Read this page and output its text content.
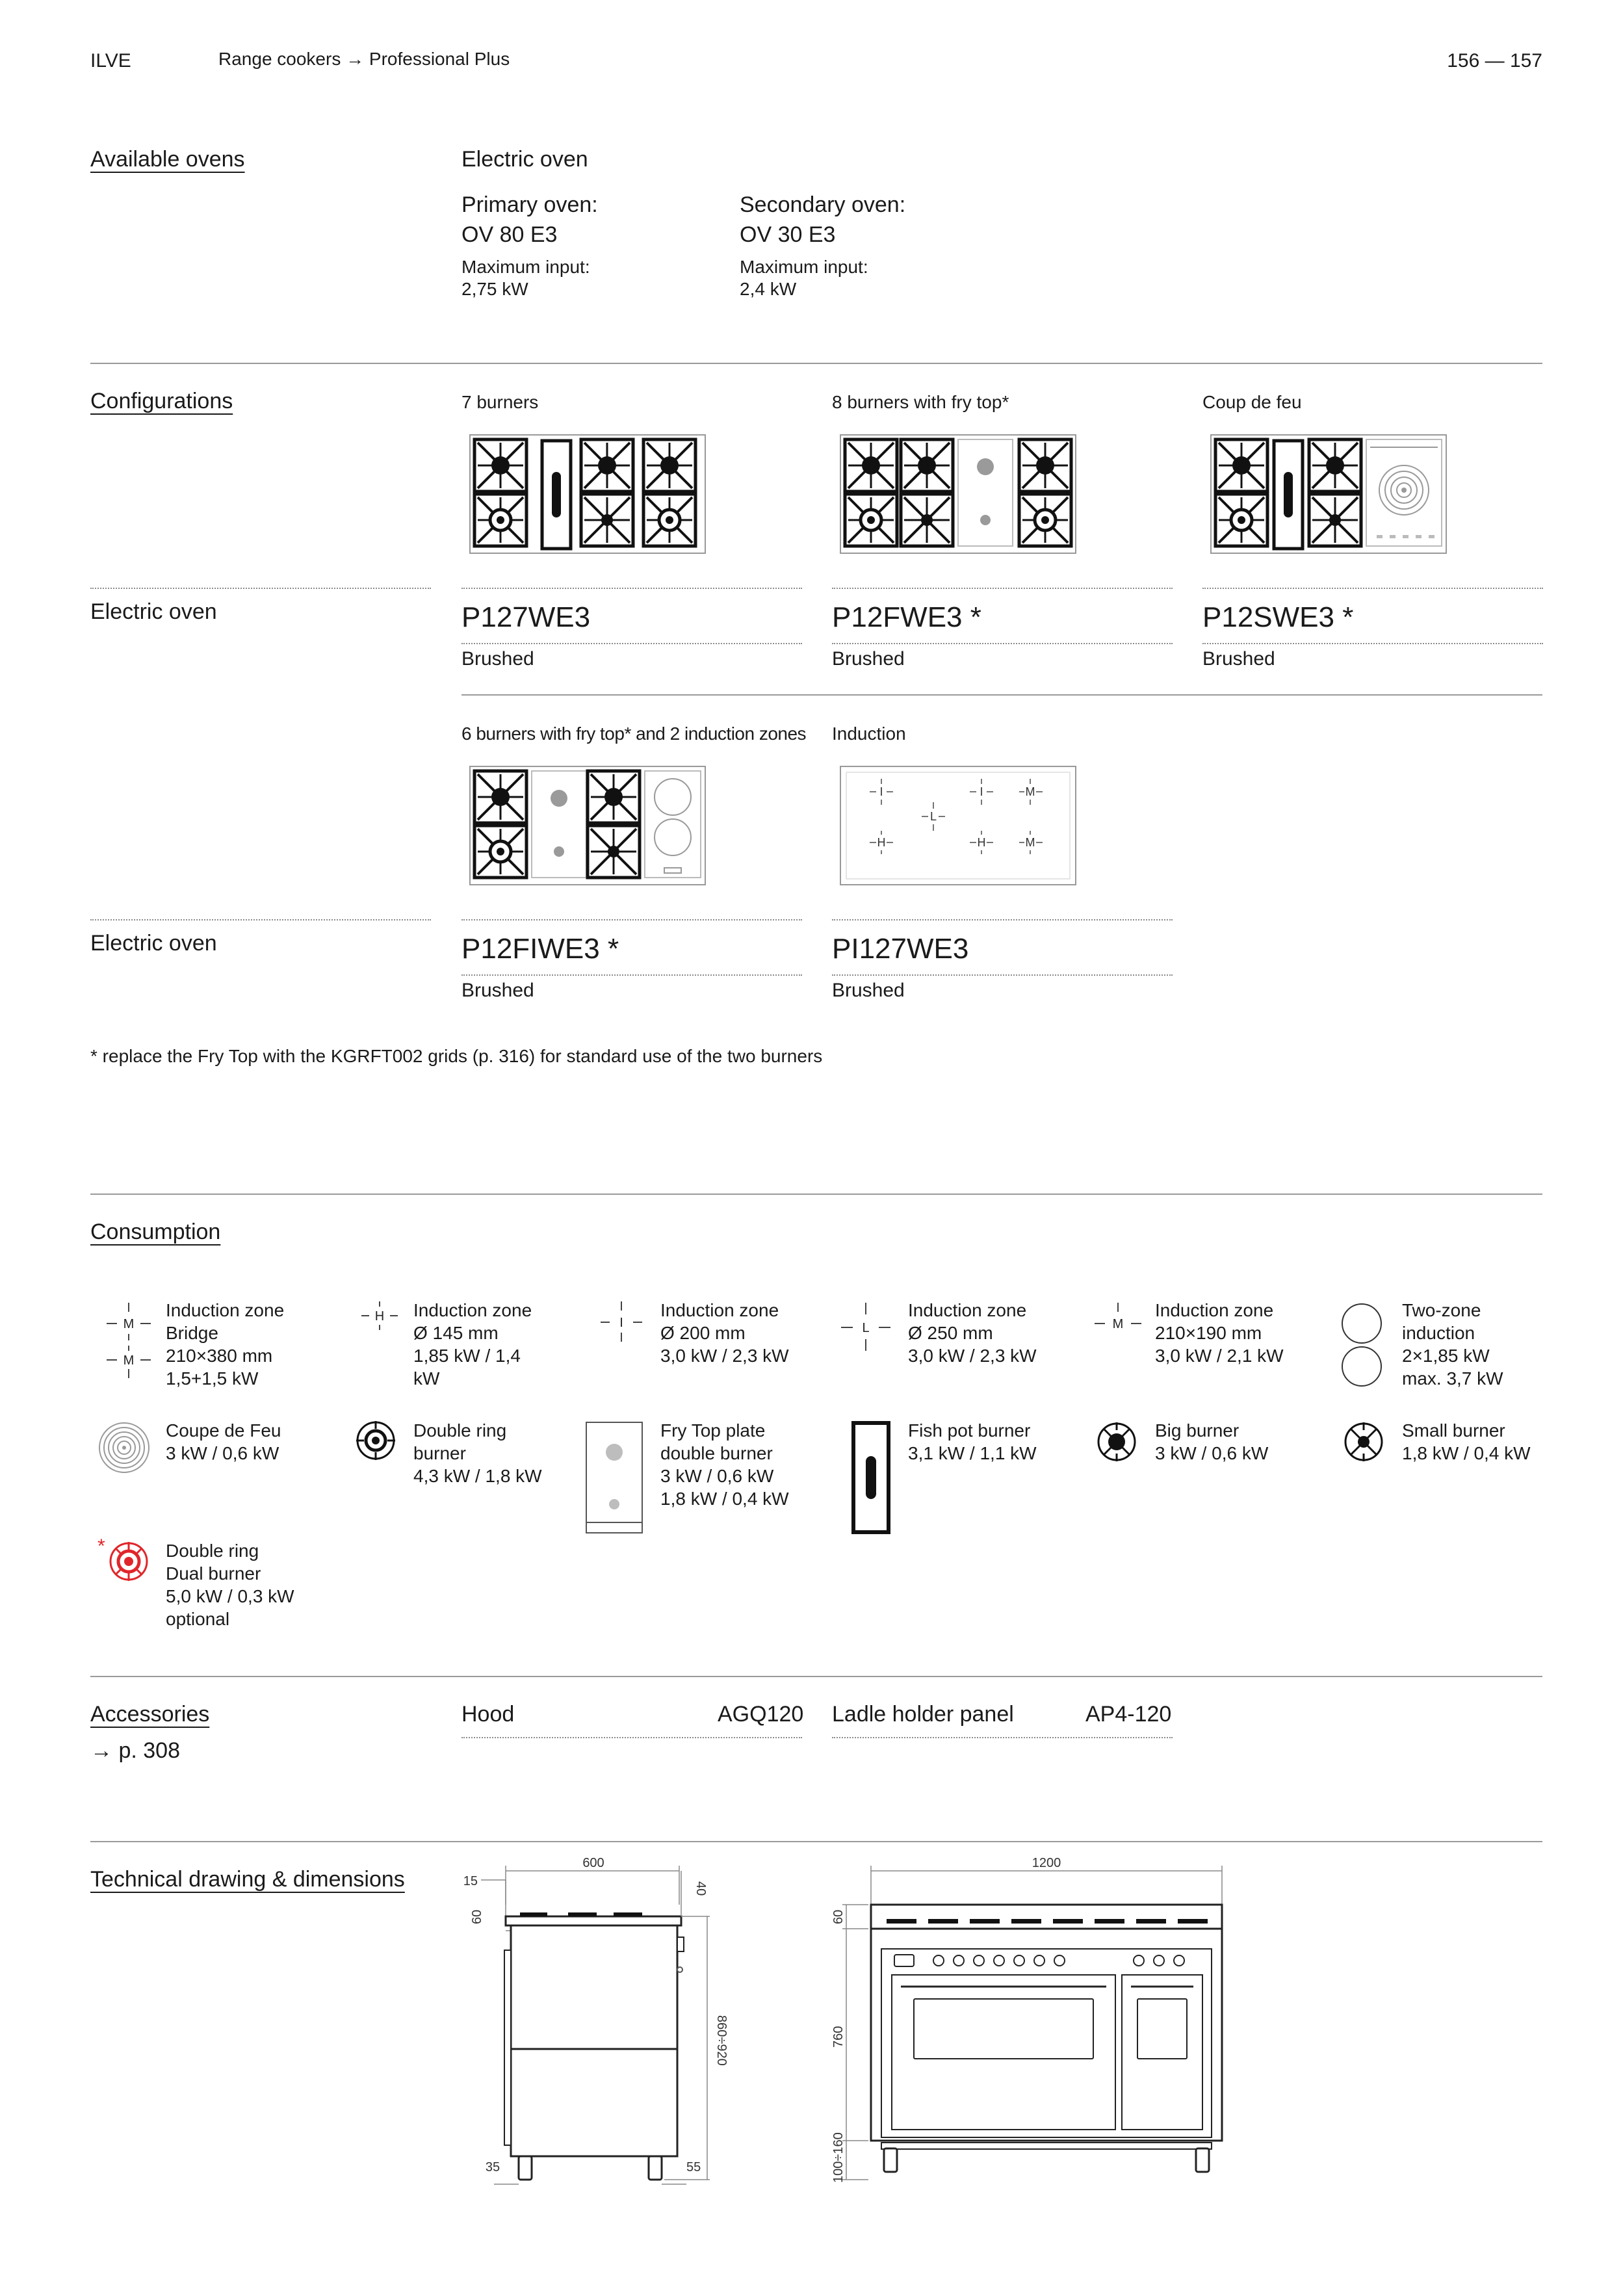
ILVE	Range cookers → Professional Plus	156 — 157
Available ovens	Electric oven
Primary oven:
OV 80 E3
Maximum input:
2,75 kW
Secondary oven:
OV 30 E3
Maximum input:
2,4 kW
Configurations	7 burners
Electric oven	P127WE3
Brushed
8 burners with fry top*
P12FWE3 *
Brushed
Coup de feu
P12SWE3 *
Brushed
6 burners with fry top* and 2 induction zones
Electric oven	P12FIWE3 *
Brushed
Induction
I
L
H
I
H
M
M
PI127WE3
Brushed
* replace the Fry Top with the KGRFT002 grids (p. 316) for standard use of the two burners
Consumption
M
M
Induction zone
Bridge
210×380 mm
1,5+1,5 kW
H Induction zone
Ø 145 mm
1,85 kW / 1,4
kW
I
Induction zone
Ø 200 mm
3,0 kW / 2,3 kW
L
Induction zone
Ø 250 mm
3,0 kW / 2,3 kW
M
Induction zone
210×190 mm
3,0 kW / 2,1 kW
Two-zone
induction
2×1,85 kW
max. 3,7 kW
Coupe de Feu
3 kW / 0,6 kW
Double ring
burner
4,3 kW / 1,8 kW
Fry Top plate
double burner
3 kW / 0,6 kW
1,8 kW / 0,4 kW
Fish pot burner
3,1 kW / 1,1 kW
Big burner
3 kW / 0,6 kW
Small burner
1,8 kW / 0,4 kW
*	Double ring
Dual burner
5,0 kW / 0,3 kW
optional
Accessories
→ p. 308
Hood	AGQ120 Ladle holder panel	AP4-120
Technical drawing & dimensions
600
15
60
40
860÷920
35	55
1200
60
760
100÷160
